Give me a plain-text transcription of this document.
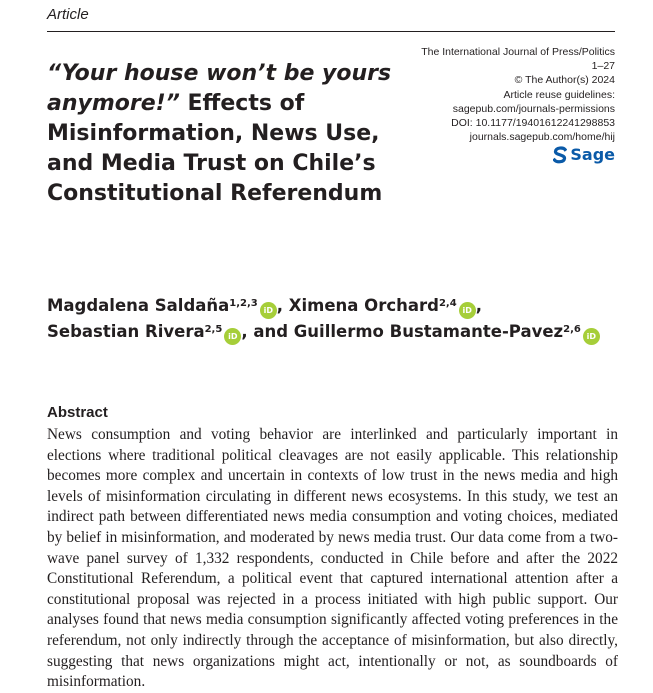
Article
“Your house won’t be yours anymore!” Effects of Misinformation, News Use, and Media Trust on Chile’s Constitutional Referendum
The International Journal of Press/Politics
1–27
© The Author(s) 2024
Article reuse guidelines:
sagepub.com/journals-permissions
DOI: 10.1177/19401612241298853
journals.sagepub.com/home/hij
Sage
Magdalena Saldaña$^{1,2,3}$iD , Ximena Orchard$^{2,4}$iD ,
Sebastian Rivera$^{2,5}$iD , and Guillermo Bustamante-Pavez$^{2,6}$iD
Abstract
News consumption and voting behavior are interlinked and particularly important in elections where traditional political cleavages are not easily applicable. This relationship becomes more complex and uncertain in contexts of low trust in the news media and high levels of misinformation circulating in different news ecosystems. In this study, we test an indirect path between differentiated news media consumption and voting choices, mediated by belief in misinformation, and moderated by news media trust. Our data come from a two-wave panel survey of 1,332 respondents, conducted in Chile before and after the 2022 Constitutional Referendum, a political event that captured international attention after a constitutional proposal was rejected in a process initiated with high public support. Our analyses found that news media consumption significantly affected voting preferences in the referendum, not only indirectly through the acceptance of misinformation, but also directly, suggesting that news organizations might act, intentionally or not, as soundboards of misinformation.
